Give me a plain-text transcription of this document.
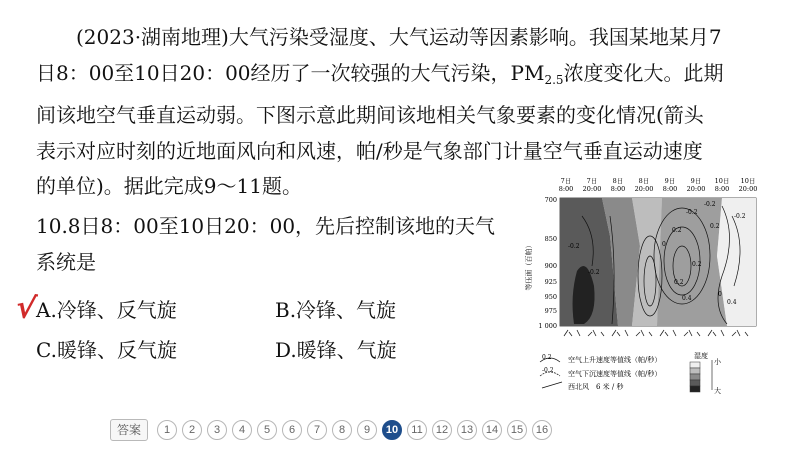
(2023·湖南地理)大气污染受湿度、大气运动等因素影响。我国某地某月7
日8：00至10日20：00经历了一次较强的大气污染，$PM_{2.5}$浓度变化大。此期
间该地空气垂直运动弱。下图示意此期间该地相关气象要素的变化情况(箭头
表示对应时刻的近地面风向和风速，帕/秒是气象部门计量空气垂直运动速度
的单位)。据此完成9～11题。
10.8日8：00至10日20：00，先后控制该地的天气
系统是
√
A.冷锋、反气旋	B.冷锋、气旋
C.暖锋、反气旋	D.暖锋、气旋
7日
8:00
7日
20:00
8日
8:00
8日
20:00
9日
8:00
9日
20:00
10日
8:00
10日
20:00
等压面（百帕）
700
850
900
925
950
975
1 000
-0.2
-0.2
-0.2
-0.2
0.2
0.2
0.2
0.4
0
0
0.4
-0.2
0.2
0.2 空气上升速度等值线（帕/秒）
-0.2 空气下沉速度等值线（帕/秒）
西北风　6 米 / 秒
湿度
小
大
答案	1	2	3	4	5	6	7	8	9	10	11	12	13	14	15	16
